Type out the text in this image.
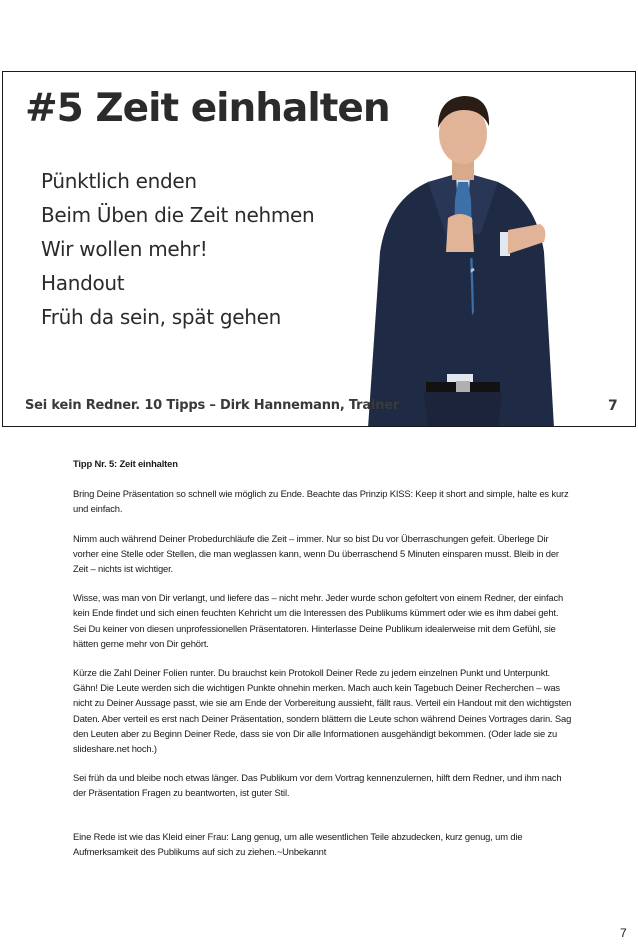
#5 Zeit einhalten
Pünktlich enden
Beim Üben die Zeit nehmen
Wir wollen mehr!
Handout
Früh da sein, spät gehen
Sei kein Redner. 10 Tipps – Dirk Hannemann, Trainer	7
Tipp Nr. 5: Zeit einhalten

Bring Deine Präsentation so schnell wie möglich zu Ende. Beachte das Prinzip KISS: Keep it short and simple, halte es kurz und einfach.

Nimm auch während Deiner Probedurchläufe die Zeit – immer. Nur so bist Du vor Überraschungen gefeit. Überlege Dir vorher eine Stelle oder Stellen, die man weglassen kann, wenn Du überraschend 5 Minuten einsparen musst. Bleib in der Zeit – nichts ist wichtiger.

Wisse, was man von Dir verlangt, und liefere das – nicht mehr. Jeder wurde schon gefoltert von einem Redner, der einfach kein Ende findet und sich einen feuchten Kehricht um die Interessen des Publikums kümmert oder wie es ihm dabei geht. Sei Du keiner von diesen unprofessionellen Präsentatoren. Hinterlasse Deine Publikum idealerweise mit dem Gefühl, sie hätten gerne mehr von Dir gehört.

Kürze die Zahl Deiner Folien runter. Du brauchst kein Protokoll Deiner Rede zu jedem einzelnen Punkt und Unterpunkt. Gähn! Die Leute werden sich die wichtigen Punkte ohnehin merken. Mach auch kein Tagebuch Deiner Recherchen – was nicht zu Deiner Aussage passt, wie sie am Ende der Vorbereitung aussieht, fällt raus. Verteil ein Handout mit den wichtigsten Daten. Aber verteil es erst nach Deiner Präsentation, sondern blättern die Leute schon während Deines Vortrages darin. Sag den Leuten aber zu Beginn Deiner Rede, dass sie von Dir alle Informationen ausgehändigt bekommen. (Oder lade sie zu slideshare.net hoch.)

Sei früh da und bleibe noch etwas länger. Das Publikum vor dem Vortrag kennenzulernen, hilft dem Redner, und ihm nach der Präsentation Fragen zu beantworten, ist guter Stil.

Eine Rede ist wie das Kleid einer Frau: Lang genug, um alle wesentlichen Teile abzudecken, kurz genug, um die Aufmerksamkeit des Publikums auf sich zu ziehen.~Unbekannt

7
